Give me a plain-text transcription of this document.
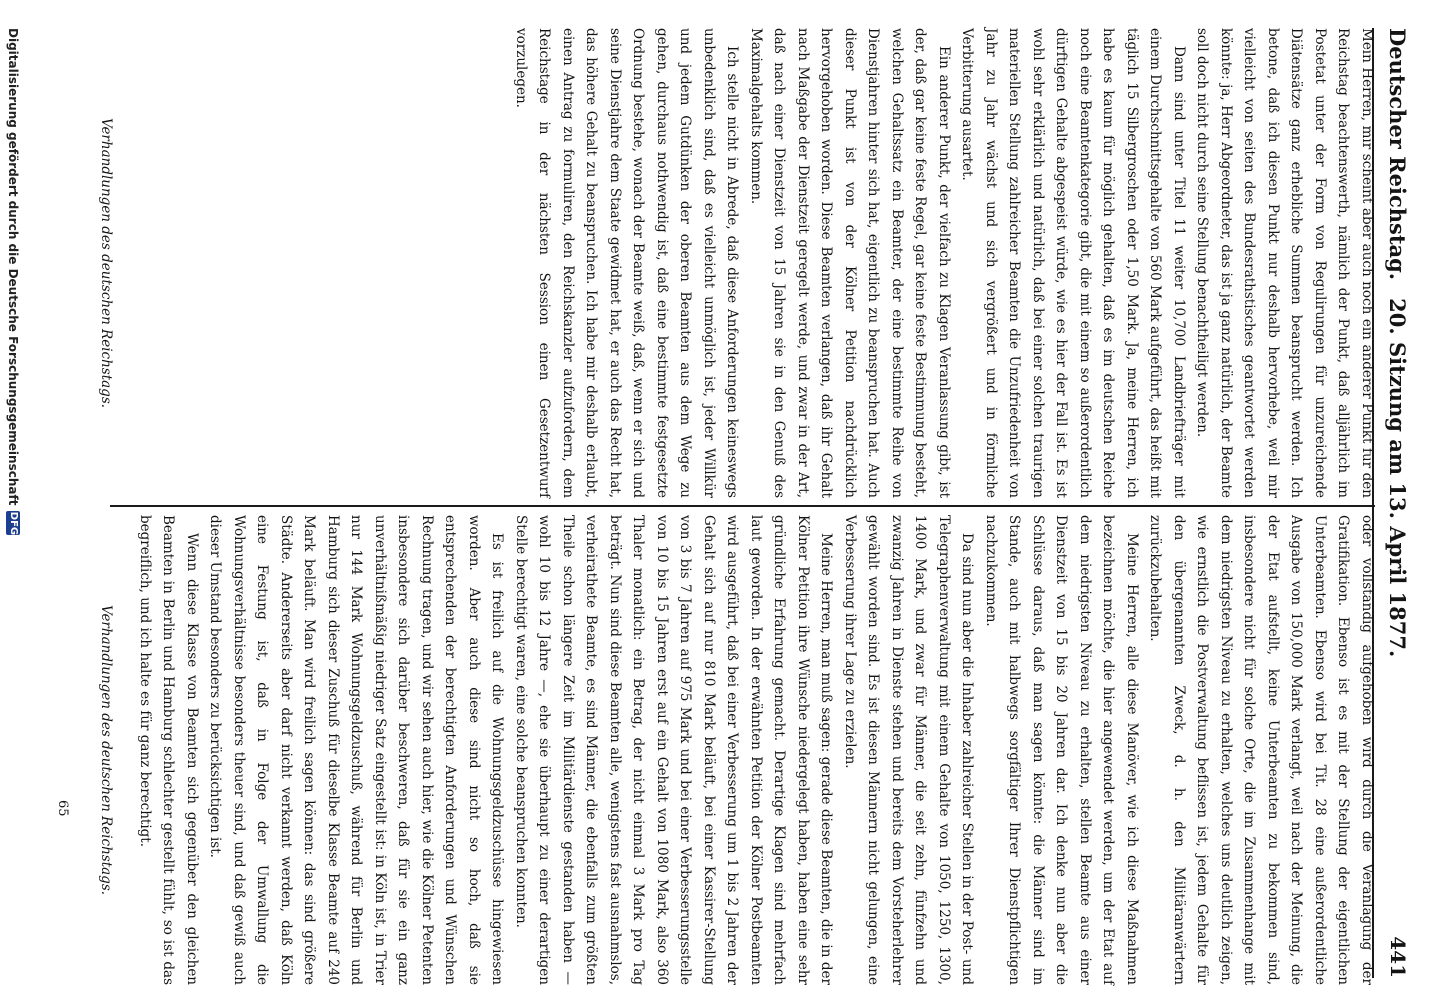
Deutscher Reichstag.
20. Sitzung am 13. April 1877.
441

Mein Herren, mir scheint aber auch noch ein anderer Punkt für den Reichstag beachtenswerth, nämlich der Punkt, daß alljährlich im Postetat unter der Form von Regulirungen für unzureichende Diätensätze ganz erhebliche Summen beansprucht werden. Ich betone, daß ich diesen Punkt nur deshalb hervorhebe, weil mir vielleicht von seiten des Bundesrathstisches geantwortet werden könnte: ja, Herr Abgeordneter, das ist ja ganz natürlich, der Beamte soll doch nicht durch seine Stellung benachtheiligt werden.

Dann sind unter Titel 11 weiter 10,700 Landbriefträger mit einem Durchschnittsgehalte von 560 Mark aufgeführt, das heißt mit täglich 15 Silbergroschen oder 1,50 Mark. Ja, meine Herren, ich habe es kaum für möglich gehalten, daß es im deutschen Reiche noch eine Beamtenkategorie gibt, die mit einem so außerordentlich dürftigen Gehalte abgespeist würde, wie es hier der Fall ist. Es ist wohl sehr erklärlich und natürlich, daß bei einer solchen traurigen materiellen Stellung zahlreicher Beamten die Unzufriedenheit von Jahr zu Jahr wächst und sich vergrößert und in förmliche Verbitterung ausartet.

Ein anderer Punkt, der vielfach zu Klagen Veranlassung gibt, ist der, daß gar keine feste Regel, gar keine feste Bestimmung besteht, welchen Gehaltssatz ein Beamter, der eine bestimmte Reihe von Dienstjahren hinter sich hat, eigentlich zu beanspruchen hat. Auch dieser Punkt ist von der Kölner Petition nachdrücklich hervorgehoben worden. Diese Beamten verlangen, daß ihr Gehalt nach Maßgabe der Dienstzeit geregelt werde, und zwar in der Art, daß nach einer Dienstzeit von 15 Jahren sie in den Genuß des Maximalgehalts kommen.

Ich stelle nicht in Abrede, daß diese Anforderungen keineswegs unbedenklich sind, daß es vielleicht unmöglich ist, jeder Willkür und jedem Gutdünken der oberen Beamten aus dem Wege zu gehen, durchaus nothwendig ist, daß eine bestimmte festgesetzte Ordnung bestehe, wonach der Beamte weiß, daß, wenn er sich und seine Dienstjahre dem Staate gewidmet hat, er auch das Recht hat, das höhere Gehalt zu beanspruchen. Ich habe mir deshalb erlaubt, einen Antrag zu formuliren, den Reichskanzler aufzufordern, dem Reichstage in der nächsten Session einen Gesetzentwurf vorzulegen.

oder vollständig aufgehoben wird durch die Veranlagung der Gratifikation. Ebenso ist es mit der Stellung der eigentlichen Unterbeamten. Ebenso wird bei Tit. 28 eine außerordentliche Ausgabe von 150,000 Mark verlangt, weil nach der Meinung, die der Etat aufstellt, keine Unterbeamten zu bekommen sind, insbesondere nicht für solche Orte, die im Zusammenhange mit dem niedrigsten Niveau zu erhalten, welches uns deutlich zeigen, wie ernstlich die Postverwaltung beflissen ist, jedem Gehalte für den übergenannten Zweck, d. h. den Militäranwärtern zurückzubehalten.

Meine Herren, alle diese Manöver, wie ich diese Maßnahmen bezeichnen möchte, die hier angewendet werden, um der Etat auf dem niedrigsten Niveau zu erhalten, stellen Beamte aus einer Dienstzeit von 15 bis 20 Jahren dar. Ich denke nun aber die Schlüsse daraus, daß man sagen könnte: die Männer sind im Stande, auch mit halbwegs sorgfältiger Ihrer Dienstpflichtigen nachzukommen.

Da sind nun aber die Inhaber zahlreicher Stellen in der Post- und Telegraphenverwaltung mit einem Gehalte von 1050, 1250, 1300, 1400 Mark, und zwar für Männer, die seit zehn, fünfzehn und zwanzig Jahren in Dienste stehen und bereits dem Vorsteherlehrer gewählt worden sind. Es ist diesen Männern nicht gelungen, eine Verbesserung ihrer Lage zu erzielen.

Meine Herren, man muß sagen: gerade diese Beamten, die in der Kölner Petition ihre Wünsche niedergelegt haben, haben eine sehr gründliche Erfahrung gemacht. Derartige Klagen sind mehrfach laut geworden. In der erwähnten Petition der Kölner Postbeamten wird ausgeführt, daß bei einer Verbesserung um 1 bis 2 Jahren der Gehalt sich auf nur 810 Mark beläuft, bei einer Kassirer-Stellung von 3 bis 7 Jahren auf 975 Mark und bei einer Verbesserungsstelle von 10 bis 15 Jahren erst auf ein Gehalt von 1080 Mark, also 360 Thaler monatlich: ein Betrag, der nicht einmal 3 Mark pro Tag beträgt. Nun sind diese Beamten alle, wenigstens fast ausnahmslos, verheirathete Beamte, es sind Männer, die ebenfalls zum größten Theile schon längere Zeit im Militärdienste gestanden haben — wohl 10 bis 12 Jahre —, ehe sie überhaupt zu einer derartigen Stelle berechtigt waren, eine solche beanspruchen konnten.

Es ist freilich auf die Wohnungsgeldzuschüsse hingewiesen worden. Aber auch diese sind nicht so hoch, daß sie entsprechenden der berechtigten Anforderungen und Wünschen Rechnung tragen, und wir sehen auch hier, wie die Kölner Petenten insbesondere sich darüber beschweren, daß für sie ein ganz unverhältnißmäßig niedriger Satz eingestellt ist: in Köln ist, in Trier nur 144 Mark Wohnungsgeldzuschuß, während für Berlin und Hamburg sich dieser Zuschuß für dieselbe Klasse Beamte auf 240 Mark beläuft. Man wird freilich sagen können: das sind größere Städte. Andererseits aber darf nicht verkannt werden, daß Köln eine Festung ist, daß in Folge der Umwallung die Wohnungsverhältnisse besonders theuer sind, und daß gewiß auch dieser Umstand besonders zu berücksichtigen ist.

Wenn diese Klasse von Beamten sich gegenüber den gleichen Beamten in Berlin und Hamburg schlechter gestellt fühlt, so ist das begreiflich, und ich halte es für ganz berechtigt.

Verhandlungen des deutschen Reichstags.
Verhandlungen des deutschen Reichstags.
65
Digitalisierung gefördert durch die Deutsche Forschungsgemeinschaft
DFG
